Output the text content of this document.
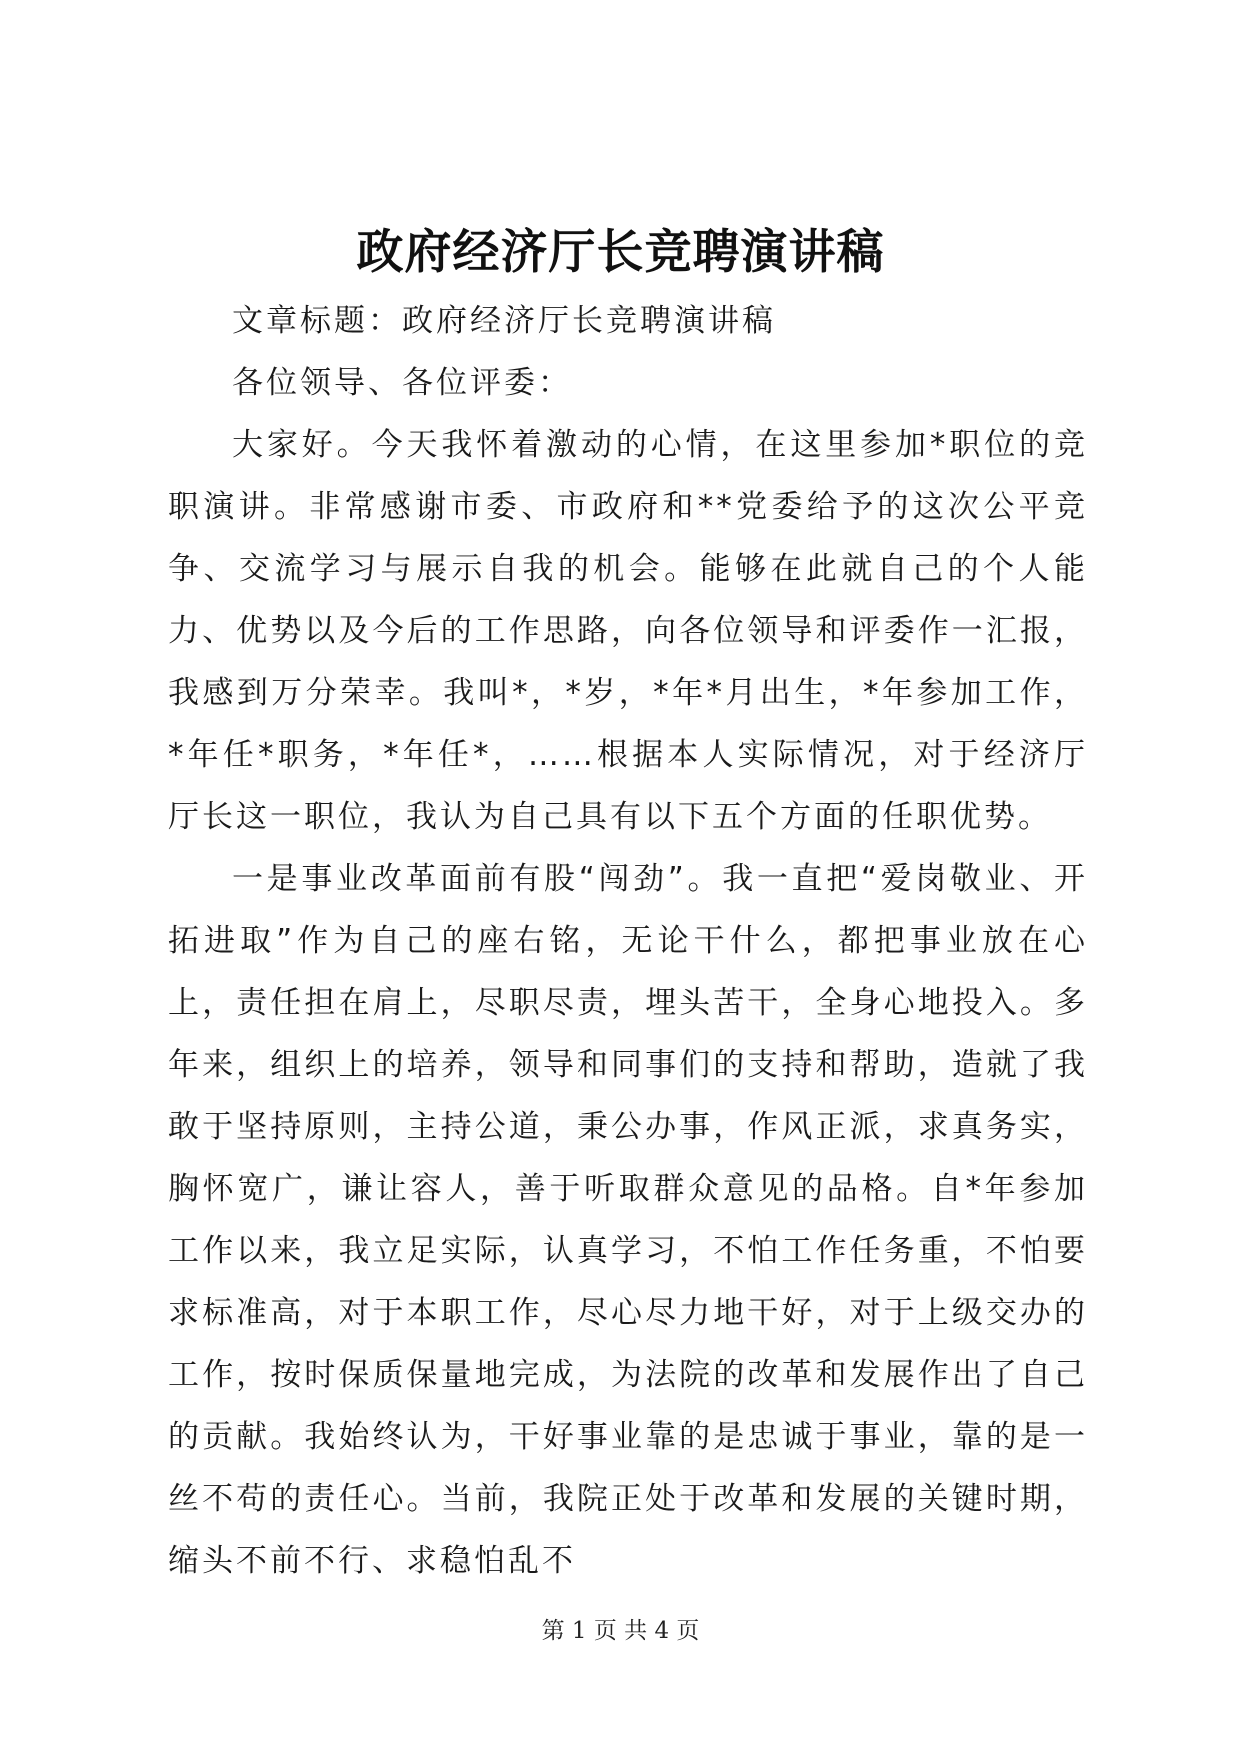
政府经济厅长竞聘演讲稿

文章标题：政府经济厅长竞聘演讲稿

各位领导、各位评委：

大家好。今天我怀着激动的心情，在这里参加*职位的竞职演讲。非常感谢市委、市政府和**党委给予的这次公平竞争、交流学习与展示自我的机会。能够在此就自己的个人能力、优势以及今后的工作思路，向各位领导和评委作一汇报，我感到万分荣幸。我叫*，*岁，*年*月出生，*年参加工作，*年任*职务，*年任*，……根据本人实际情况，对于经济厅厅长这一职位，我认为自己具有以下五个方面的任职优势。

一是事业改革面前有股“闯劲”。我一直把“爱岗敬业、开拓进取”作为自己的座右铭，无论干什么，都把事业放在心上，责任担在肩上，尽职尽责，埋头苦干，全身心地投入。多年来，组织上的培养，领导和同事们的支持和帮助，造就了我敢于坚持原则，主持公道，秉公办事，作风正派，求真务实，胸怀宽广，谦让容人，善于听取群众意见的品格。自*年参加工作以来，我立足实际，认真学习，不怕工作任务重，不怕要求标准高，对于本职工作，尽心尽力地干好，对于上级交办的工作，按时保质保量地完成，为法院的改革和发展作出了自己的贡献。我始终认为，干好事业靠的是忠诚于事业，靠的是一丝不苟的责任心。当前，我院正处于改革和发展的关键时期，缩头不前不行、求稳怕乱不

第 1 页 共 4 页
